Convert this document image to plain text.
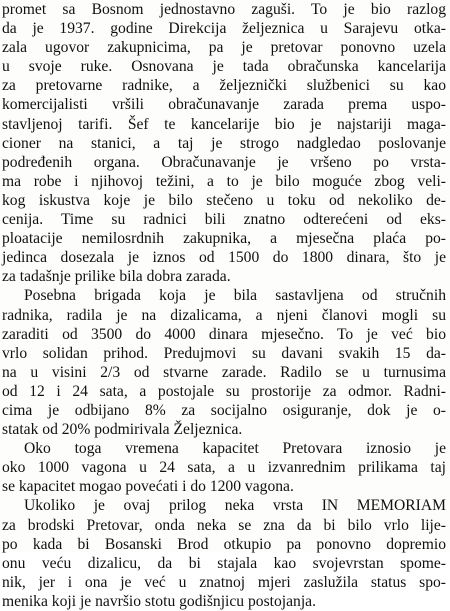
promet sa Bosnom jednostavno zaguši. To je bio razlog
da je 1937. godine Direkcija željeznica u Sarajevu otka-
zala ugovor zakupnicima, pa je pretovar ponovno uzela
u svoje ruke. Osnovana je tada obračunska kancelarija
za pretovarne radnike, a željeznički službenici su kao
komercijalisti vršili obračunavanje zarada prema uspo-
stavljenoj tarifi. Šef te kancelarije bio je najstariji maga-
cioner na stanici, a taj je strogo nadgledao poslovanje
podređenih organa. Obračunavanje je vršeno po vrsta-
ma robe i njihovoj težini, a to je bilo moguće zbog veli-
kog iskustva koje je bilo stečeno u toku od nekoliko de-
cenija. Time su radnici bili znatno odterećeni od eks-
ploatacije nemilosrdnih zakupnika, a mjesečna plaća po-
jedinca dosezala je iznos od 1500 do 1800 dinara, što je
za tadašnje prilike bila dobra zarada.
Posebna brigada koja je bila sastavljena od stručnih
radnika, radila je na dizalicama, a njeni članovi mogli su
zaraditi od 3500 do 4000 dinara mjesečno. To je već bio
vrlo solidan prihod. Predujmovi su davani svakih 15 da-
na u visini 2/3 od stvarne zarade. Radilo se u turnusima
od 12 i 24 sata, a postojale su prostorije za odmor. Radni-
cima je odbijano 8% za socijalno osiguranje, dok je o-
statak od 20% podmirivala Željeznica.
Oko toga vremena kapacitet Pretovara iznosio je
oko 1000 vagona u 24 sata, a u izvanrednim prilikama taj
se kapacitet mogao povećati i do 1200 vagona.
Ukoliko je ovaj prilog neka vrsta IN MEMORIAM
za brodski Pretovar, onda neka se zna da bi bilo vrlo lije-
po kada bi Bosanski Brod otkupio pa ponovno dopremio
onu veću dizalicu, da bi stajala kao svojevrstan spome-
nik, jer i ona je već u znatnoj mjeri zaslužila status spo-
menika koji je navršio stotu godišnjicu postojanja.
